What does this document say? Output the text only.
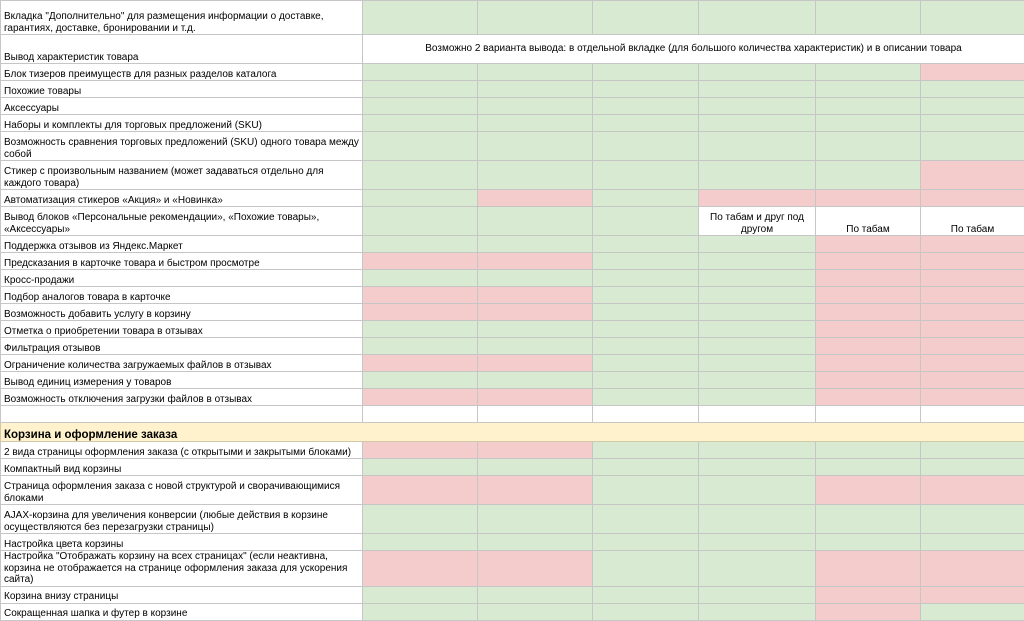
Вкладка "Дополнительно" для размещения информации о доставке, гарантиях, доставке, бронировании и т.д.						
Вывод характеристик товара	Возможно 2 варианта вывода: в отдельной вкладке (для большого количества характеристик) и в описании товара					
Блок тизеров преимуществ для разных разделов каталога						
Похожие товары						
Аксессуары						
Наборы и комплекты для торговых предложений (SKU)						
Возможность сравнения торговых предложений (SKU) одного товара между собой						
Стикер с произвольным названием (может задаваться отдельно для каждого товара)						
Автоматизация стикеров «Акция» и «Новинка»						
Вывод блоков «Персональные рекомендации», «Похожие товары», «Аксессуары»				По табам и друг под другом	По табам	По табам
Поддержка отзывов из Яндекс.Маркет						
Предсказания в карточке товара и быстром просмотре						
Кросс-продажи						
Подбор аналогов товара в карточке						
Возможность добавить услугу в корзину						
Отметка о приобретении товара в отзывах						
Фильтрация отзывов						
Ограничение количества загружаемых файлов в отзывах						
Вывод единиц измерения у товаров						
Возможность отключения загрузки файлов в отзывах						

Корзина и оформление заказа						
2 вида страницы оформления заказа (с открытыми и закрытыми блоками)						
Компактный вид корзины						
Страница оформления заказа с новой структурой и сворачивающимися блоками						
AJAX-корзина для увеличения конверсии (любые действия в корзине осуществляются без перезагрузки страницы)						
Настройка цвета корзины						
Настройка "Отображать корзину на всех страницах" (если неактивна, корзина не отображается на странице оформления заказа для ускорения сайта)						
Корзина внизу страницы						
Сокращенная шапка и футер в корзине						
